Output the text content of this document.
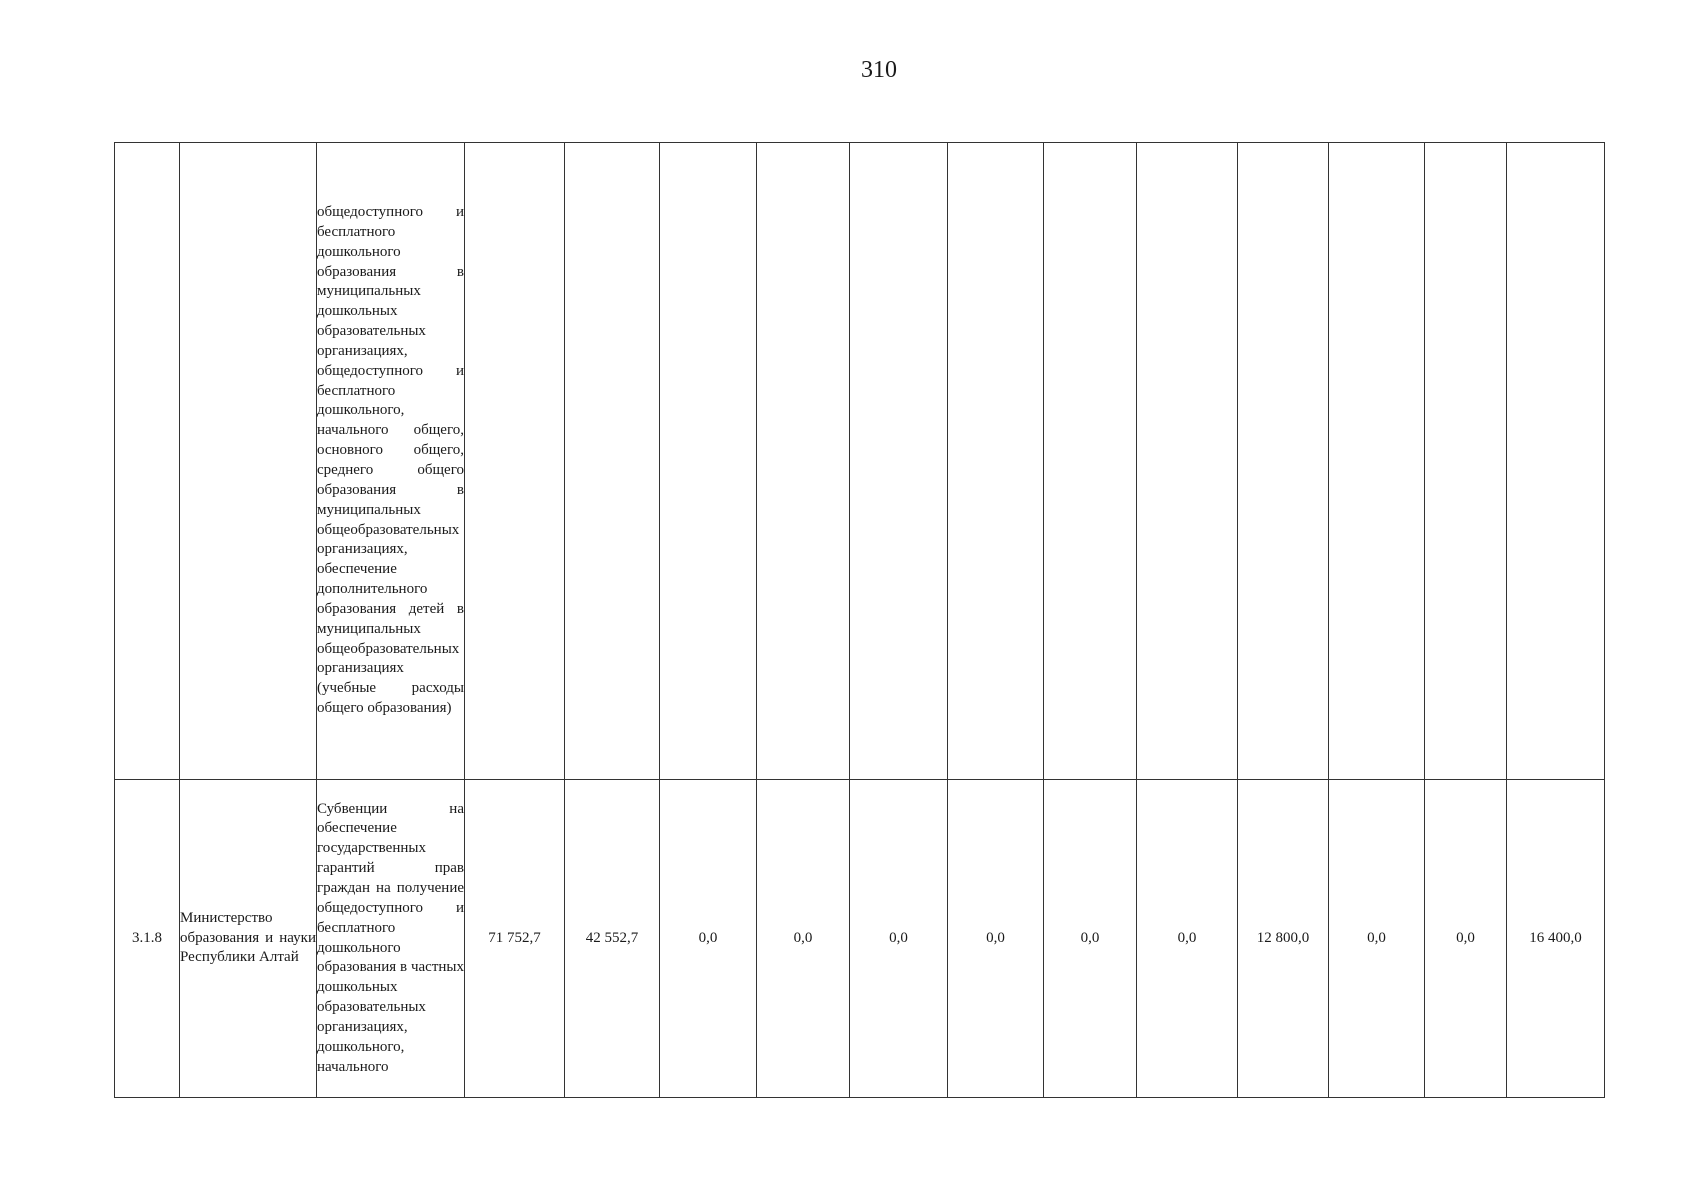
310

		общедоступного и бесплатного дошкольного образования в муниципальных дошкольных образовательных организациях, общедоступного и бесплатного дошкольного, начального общего, основного общего, среднего общего образования в муниципальных общеобразовательных организациях, обеспечение дополнительного образования детей в муниципальных общеобразовательных организациях (учебные расходы общего образования)												

3.1.8	Министерство образования и науки Республики Алтай	Субвенции на обеспечение государственных гарантий прав граждан на получение общедоступного и бесплатного дошкольного образования в частных дошкольных образовательных организациях, дошкольного, начального	71 752,7	42 552,7	0,0	0,0	0,0	0,0	0,0	0,0	12 800,0	0,0	0,0	16 400,0
